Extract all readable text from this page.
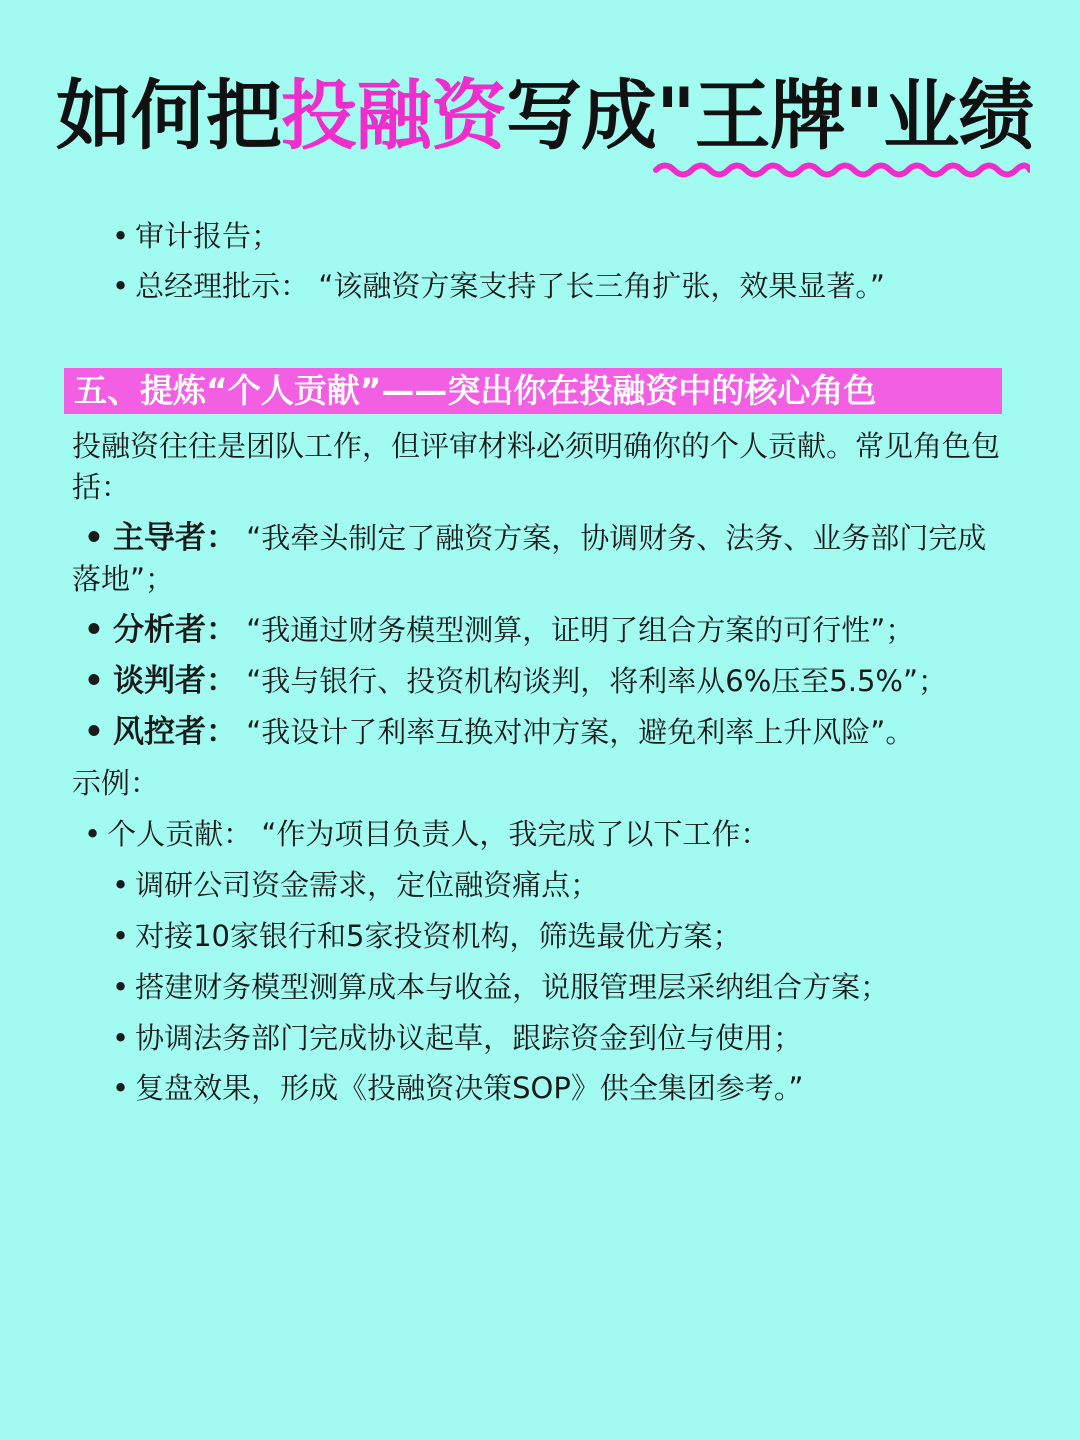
如何把投融资写成"王牌"业绩
• 审计报告；
• 总经理批示： “该融资方案支持了长三角扩张，效果显著。”
五、提炼“个人贡献”——突出你在投融资中的核心角色
投融资往往是团队工作，但评审材料必须明确你的个人贡献。常见角色包括：
• 主导者： “我牵头制定了融资方案，协调财务、法务、业务部门完成落地”；
• 分析者： “我通过财务模型测算，证明了组合方案的可行性”；
• 谈判者： “我与银行、投资机构谈判，将利率从6%压至5.5%”；
• 风控者： “我设计了利率互换对冲方案，避免利率上升风险”。
示例：
• 个人贡献： “作为项目负责人，我完成了以下工作：
• 调研公司资金需求，定位融资痛点；
• 对接10家银行和5家投资机构，筛选最优方案；
• 搭建财务模型测算成本与收益，说服管理层采纳组合方案；
• 协调法务部门完成协议起草，跟踪资金到位与使用；
• 复盘效果，形成《投融资决策SOP》供全集团参考。”
